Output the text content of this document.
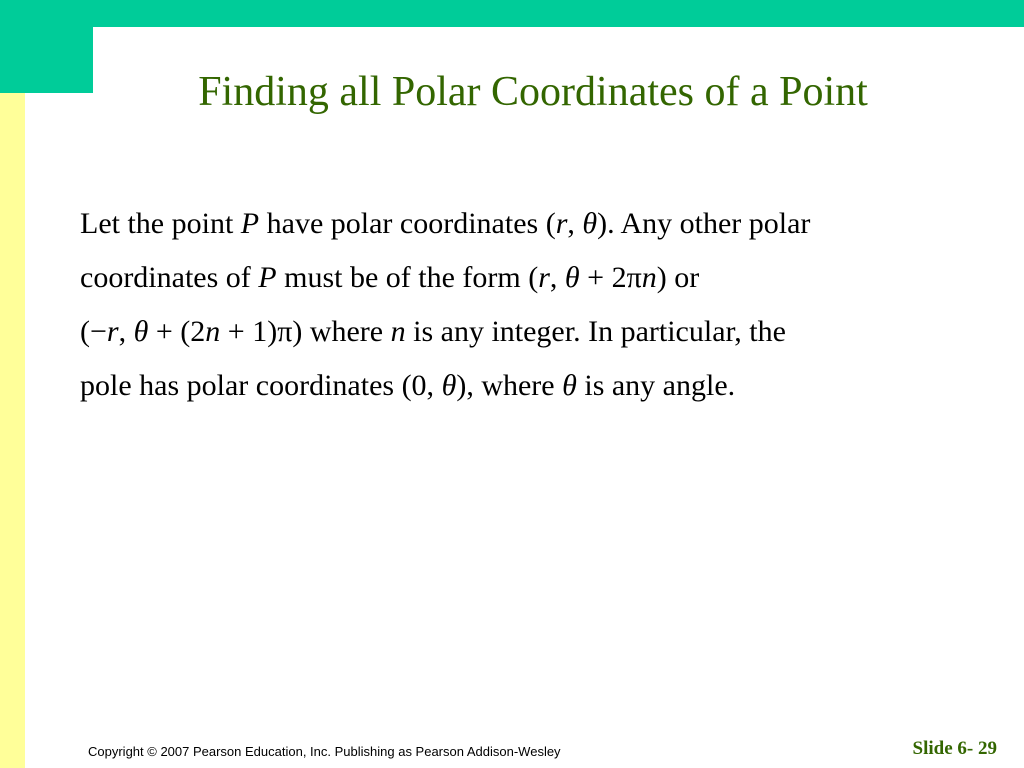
Finding all Polar Coordinates of a Point
Let the point P have polar coordinates (r, θ). Any other polar
coordinates of P must be of the form (r, θ + 2πn) or
(−r, θ + (2n + 1)π) where n is any integer. In particular, the
pole has polar coordinates (0, θ), where θ is any angle.
Copyright © 2007 Pearson Education, Inc. Publishing as Pearson Addison-Wesley	Slide 6- 29
